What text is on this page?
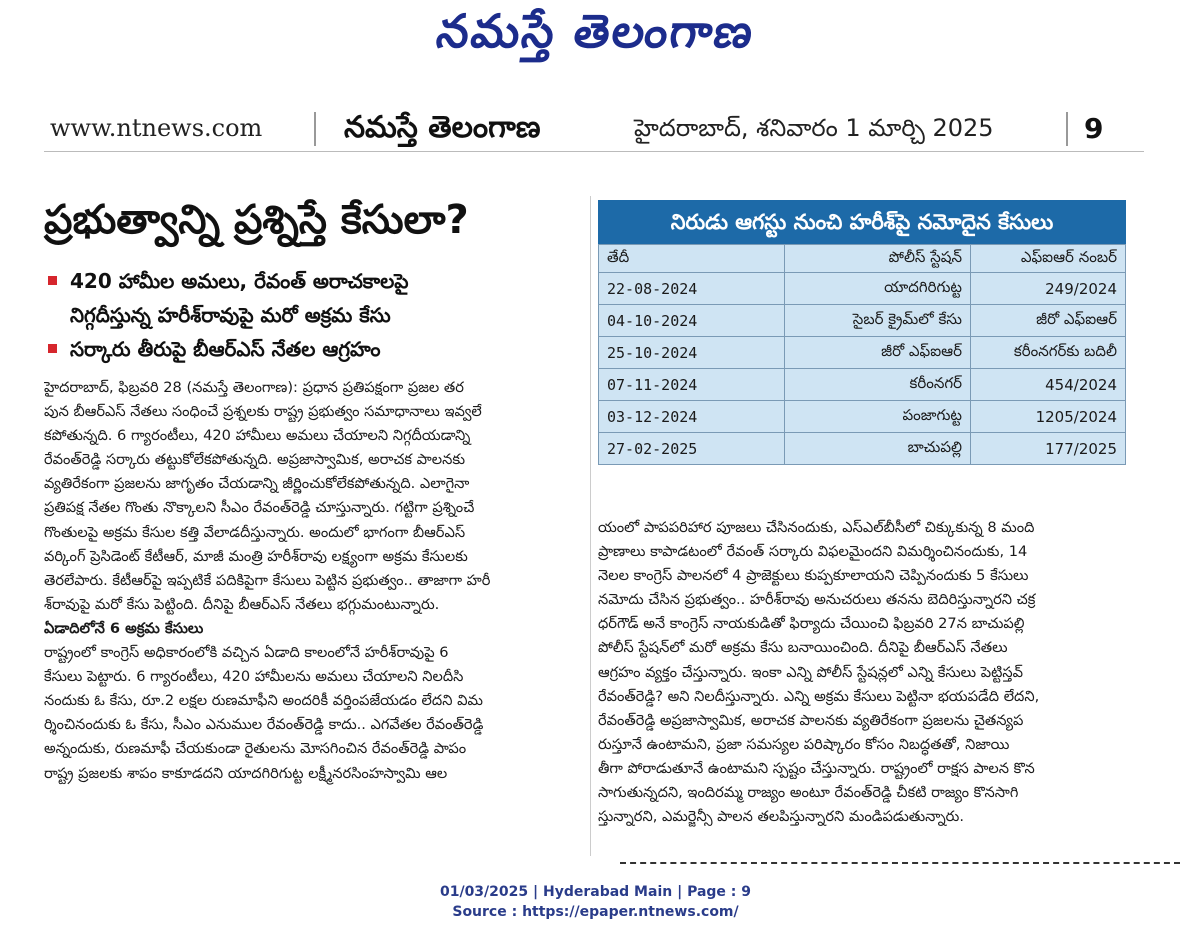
నమస్తే తెలంగాణ
www.ntnews.com	నమస్తే తెలంగాణ	హైదరాబాద్, శనివారం 1 మార్చి 2025	9
ప్రభుత్వాన్ని ప్రశ్నిస్తే కేసులా?
420 హామీల అమలు, రేవంత్ అరాచకాలపై
నిగ్గదీస్తున్న హరీశ్‌రావుపై మరో అక్రమ కేసు
సర్కారు తీరుపై బీఆర్‌ఎస్ నేతల ఆగ్రహం
హైదరాబాద్, ఫిబ్రవరి 28 (నమస్తే తెలంగాణ): ప్రధాన ప్రతిపక్షంగా ప్రజల తర
పున బీఆర్‌ఎస్ నేతలు సంధించే ప్రశ్నలకు రాష్ట్ర ప్రభుత్వం సమాధానాలు ఇవ్వలే
కపోతున్నది. 6 గ్యారంటీలు, 420 హామీలు అమలు చేయాలని నిగ్గదీయడాన్ని
రేవంత్‌రెడ్డి సర్కారు తట్టుకోలేకపోతున్నది. అప్రజాస్వామిక, అరాచక పాలనకు
వ్యతిరేకంగా ప్రజలను జాగృతం చేయడాన్ని జీర్ణించుకోలేకపోతున్నది. ఎలాగైనా
ప్రతిపక్ష నేతల గొంతు నొక్కాలని సీఎం రేవంత్‌రెడ్డి చూస్తున్నారు. గట్టిగా ప్రశ్నించే
గొంతులపై అక్రమ కేసుల కత్తి వేలాడదీస్తున్నారు. అందులో భాగంగా బీఆర్‌ఎస్
వర్కింగ్ ప్రెసిడెంట్ కేటీఆర్, మాజీ మంత్రి హరీశ్‌రావు లక్ష్యంగా అక్రమ కేసులకు
తెరలేపారు. కేటీఆర్‌పై ఇప్పటికే పదికిపైగా కేసులు పెట్టిన ప్రభుత్వం.. తాజాగా హరీ
శ్‌రావుపై మరో కేసు పెట్టింది. దీనిపై బీఆర్‌ఎస్ నేతలు భగ్గుమంటున్నారు.
ఏడాదిలోనే 6 అక్రమ కేసులు
రాష్ట్రంలో కాంగ్రెస్ అధికారంలోకి వచ్చిన ఏడాది కాలంలోనే హరీశ్‌రావుపై 6
కేసులు పెట్టారు. 6 గ్యారంటీలు, 420 హామీలను అమలు చేయాలని నిలదీసి
నందుకు ఓ కేసు, రూ.2 లక్షల రుణమాఫీని అందరికీ వర్తింపజేయడం లేదని విమ
ర్శించినందుకు ఓ కేసు, సీఎం ఎనుముల రేవంత్‌రెడ్డి కాదు.. ఎగవేతల రేవంత్‌రెడ్డి
అన్నందుకు, రుణమాఫీ చేయకుండా రైతులను మోసగించిన రేవంత్‌రెడ్డి పాపం
రాష్ట్ర ప్రజలకు శాపం కాకూడదని యాదగిరిగుట్ట లక్ష్మీనరసింహస్వామి ఆల
నిరుడు ఆగస్టు నుంచి హరీశ్‌పై నమోదైన కేసులు
తేదీ	పోలీస్ స్టేషన్	ఎఫ్‌ఐఆర్ నంబర్
22-08-2024	యాదగిరిగుట్ట	249/2024
04-10-2024	సైబర్ క్రైమ్‌లో కేసు	జీరో ఎఫ్‌ఐఆర్
25-10-2024	జీరో ఎఫ్‌ఐఆర్	కరీంనగర్‌కు బదిలీ
07-11-2024	కరీంనగర్	454/2024
03-12-2024	పంజాగుట్ట	1205/2024
27-02-2025	బాచుపల్లి	177/2025
యంలో పాపపరిహార పూజలు చేసినందుకు, ఎస్‌ఎల్‌బీసీలో చిక్కుకున్న 8 మంది
ప్రాణాలు కాపాడటంలో రేవంత్ సర్కారు విఫలమైందని విమర్శించినందుకు, 14
నెలల కాంగ్రెస్ పాలనలో 4 ప్రాజెక్టులు కుప్పకూలాయని చెప్పినందుకు 5 కేసులు
నమోదు చేసిన ప్రభుత్వం.. హరీశ్‌రావు అనుచరులు తనను బెదిరిస్తున్నారని చక్ర
ధర్‌గౌడ్ అనే కాంగ్రెస్ నాయకుడితో ఫిర్యాదు చేయించి ఫిబ్రవరి 27న బాచుపల్లి
పోలీస్ స్టేషన్‌లో మరో అక్రమ కేసు బనాయించింది. దీనిపై బీఆర్‌ఎస్ నేతలు
ఆగ్రహం వ్యక్తం చేస్తున్నారు. ఇంకా ఎన్ని పోలీస్ స్టేషన్లలో ఎన్ని కేసులు పెట్టిస్తవ్
రేవంత్‌రెడ్డి? అని నిలదీస్తున్నారు. ఎన్ని అక్రమ కేసులు పెట్టినా భయపడేది లేదని,
రేవంత్‌రెడ్డి అప్రజాస్వామిక, అరాచక పాలనకు వ్యతిరేకంగా ప్రజలను చైతన్యప
రుస్తూనే ఉంటామని, ప్రజా సమస్యల పరిష్కారం కోసం నిబద్ధతతో, నిజాయి
తీగా పోరాడుతూనే ఉంటామని స్పష్టం చేస్తున్నారు. రాష్ట్రంలో రాక్షస పాలన కొన
సాగుతున్నదని, ఇందిరమ్మ రాజ్యం అంటూ రేవంత్‌రెడ్డి చీకటి రాజ్యం కొనసాగి
స్తున్నారని, ఎమర్జెన్సీ పాలన తలపిస్తున్నారని మండిపడుతున్నారు.
01/03/2025 | Hyderabad Main | Page : 9
Source : https://epaper.ntnews.com/
